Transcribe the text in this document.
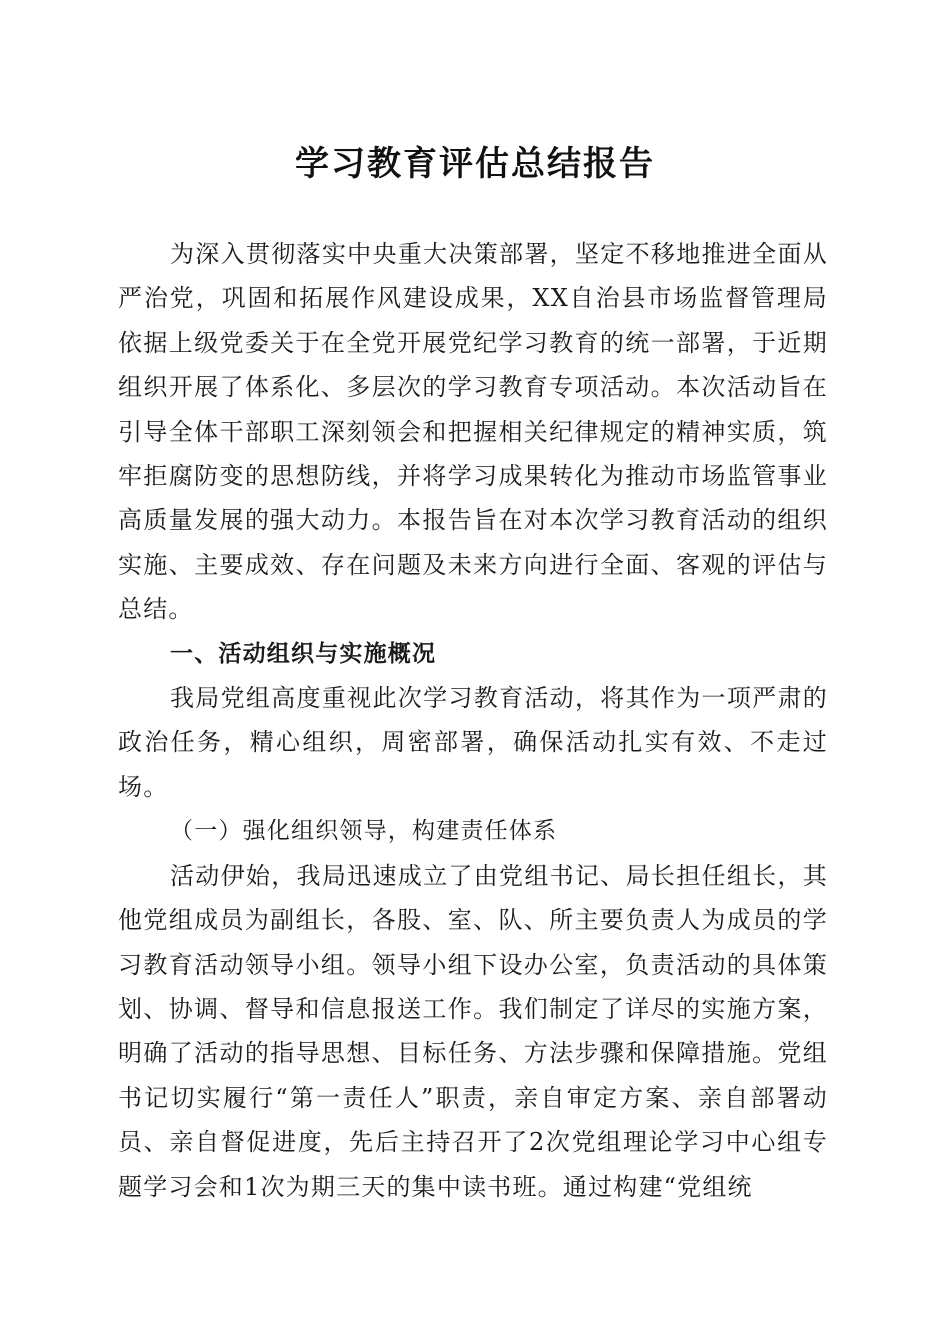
学习教育评估总结报告

为深入贯彻落实中央重大决策部署，坚定不移地推进全面从严治党，巩固和拓展作风建设成果，XX自治县市场监督管理局依据上级党委关于在全党开展党纪学习教育的统一部署，于近期组织开展了体系化、多层次的学习教育专项活动。本次活动旨在引导全体干部职工深刻领会和把握相关纪律规定的精神实质，筑牢拒腐防变的思想防线，并将学习成果转化为推动市场监管事业高质量发展的强大动力。本报告旨在对本次学习教育活动的组织实施、主要成效、存在问题及未来方向进行全面、客观的评估与总结。

一、活动组织与实施概况

我局党组高度重视此次学习教育活动，将其作为一项严肃的政治任务，精心组织，周密部署，确保活动扎实有效、不走过场。

（一）强化组织领导，构建责任体系

活动伊始，我局迅速成立了由党组书记、局长担任组长，其他党组成员为副组长，各股、室、队、所主要负责人为成员的学习教育活动领导小组。领导小组下设办公室，负责活动的具体策划、协调、督导和信息报送工作。我们制定了详尽的实施方案，明确了活动的指导思想、目标任务、方法步骤和保障措施。党组书记切实履行“第一责任人”职责，亲自审定方案、亲自部署动员、亲自督促进度，先后主持召开了2次党组理论学习中心组专题学习会和1次为期三天的集中读书班。通过构建“党组统
